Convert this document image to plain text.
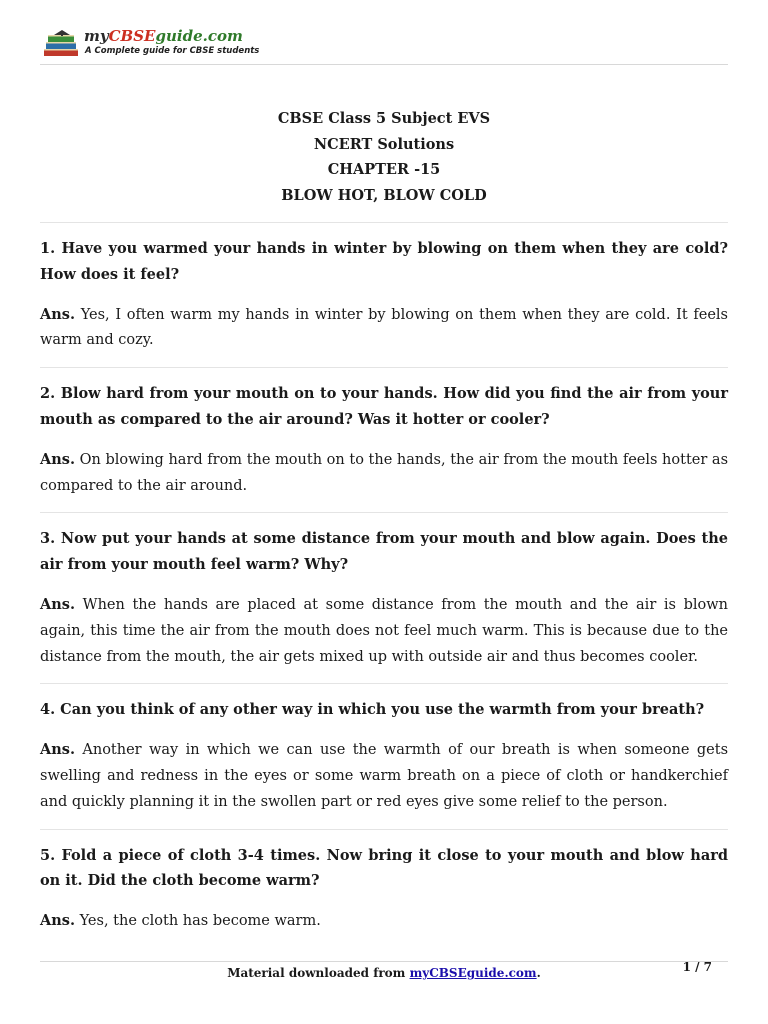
myCBSEguide.com
A Complete guide for CBSE students
CBSE Class 5 Subject EVS
NCERT Solutions
CHAPTER -15
BLOW HOT, BLOW COLD

1. Have you warmed your hands in winter by blowing on them when they are cold? How does it feel?

Ans. Yes, I often warm my hands in winter by blowing on them when they are cold. It feels warm and cozy.

2. Blow hard from your mouth on to your hands. How did you find the air from your mouth as compared to the air around? Was it hotter or cooler?

Ans. On blowing hard from the mouth on to the hands, the air from the mouth feels hotter as compared to the air around.

3. Now put your hands at some distance from your mouth and blow again. Does the air from your mouth feel warm? Why?

Ans. When the hands are placed at some distance from the mouth and the air is blown again, this time the air from the mouth does not feel much warm. This is because due to the distance from the mouth, the air gets mixed up with outside air and thus becomes cooler.

4. Can you think of any other way in which you use the warmth from your breath?

Ans. Another way in which we can use the warmth of our breath is when someone gets swelling and redness in the eyes or some warm breath on a piece of cloth or handkerchief and quickly planning it in the swollen part or red eyes give some relief to the person.

5. Fold a piece of cloth 3-4 times. Now bring it close to your mouth and blow hard on it. Did the cloth become warm?

Ans. Yes, the cloth has become warm.

Material downloaded from myCBSEguide.com.	1 / 7
